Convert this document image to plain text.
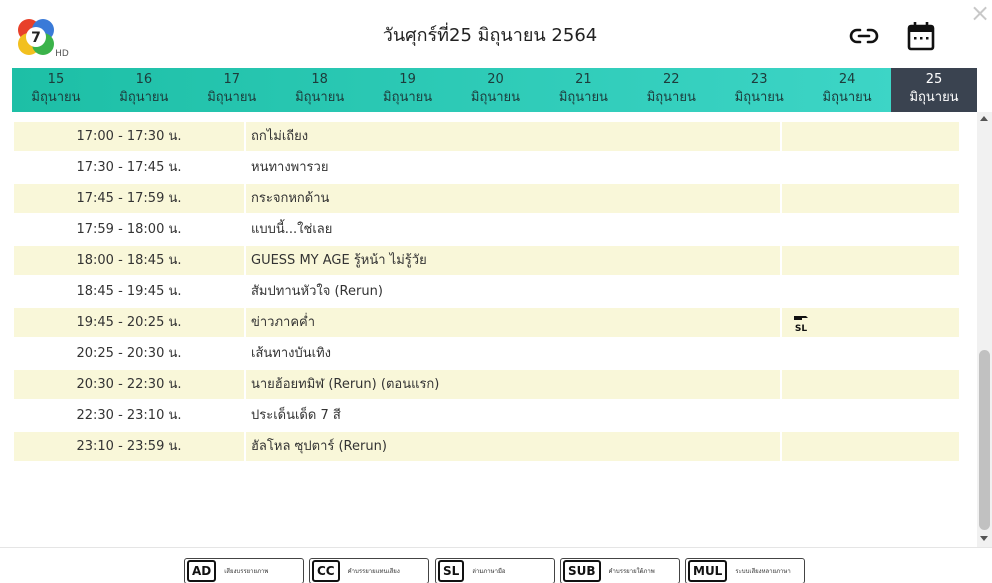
7
HD
วันศุกร์ที่25 มิถุนายน 2564
×
15
มิถุนายน
16
มิถุนายน
17
มิถุนายน
18
มิถุนายน
19
มิถุนายน
20
มิถุนายน
21
มิถุนายน
22
มิถุนายน
23
มิถุนายน
24
มิถุนายน
25
มิถุนายน
17:00 - 17:30 น.	ถกไม่เถียง
17:30 - 17:45 น.	หนทางพารวย
17:45 - 17:59 น.	กระจกหกด้าน
17:59 - 18:00 น.	แบบนี้...ใช่เลย
18:00 - 18:45 น.	GUESS MY AGE รู้หน้า ไม่รู้วัย
18:45 - 19:45 น.	สัมปทานหัวใจ (Rerun)
19:45 - 20:25 น.	ข่าวภาคค่ำ	SL
20:25 - 20:30 น.	เส้นทางบันเทิง
20:30 - 22:30 น.	นายฮ้อยทมิฬ (Rerun) (ตอนแรก)
22:30 - 23:10 น.	ประเด็นเด็ด 7 สี
23:10 - 23:59 น.	ฮัลโหล ซุปตาร์ (Rerun)
AD	เสียงบรรยายภาพ	CC	คำบรรยายแทนเสียง	SL	ล่ามภาษามือ	SUB	คำบรรยายใต้ภาพ	MUL	ระบบเสียงหลายภาษา
